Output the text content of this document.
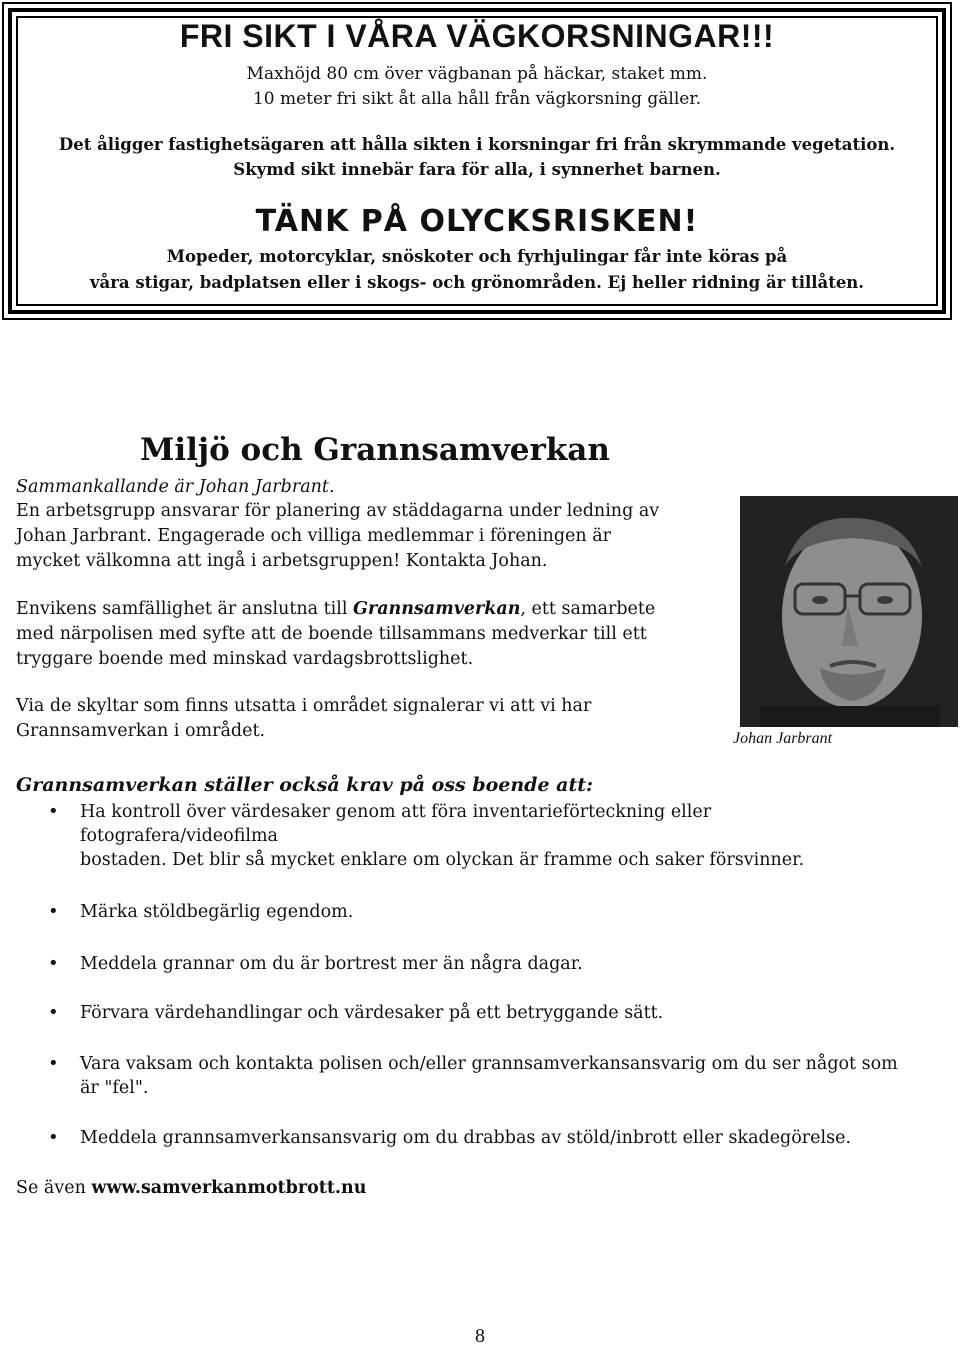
FRI SIKT I VÅRA VÄGKORSNINGAR!!!
Maxhöjd 80 cm över vägbanan på häckar, staket mm.
10 meter fri sikt åt alla håll från vägkorsning gäller.
Det åligger fastighetsägaren att hålla sikten i korsningar fri från skrymmande vegetation.
Skymd sikt innebär fara för alla, i synnerhet barnen.
TÄNK PÅ OLYCKSRISKEN!
Mopeder, motorcyklar, snöskoter och fyrhjulingar får inte köras på
våra stigar, badplatsen eller i skogs- och grönområden. Ej heller ridning är tillåten.
Miljö och Grannsamverkan
Sammankallande är Johan Jarbrant.
En arbetsgrupp ansvarar för planering av städdagarna under ledning av
Johan Jarbrant. Engagerade och villiga medlemmar i föreningen är
mycket välkomna att ingå i arbetsgruppen! Kontakta Johan.
Envikens samfällighet är anslutna till Grannsamverkan, ett samarbete
med närpolisen med syfte att de boende tillsammans medverkar till ett
tryggare boende med minskad vardagsbrottslighet.
Via de skyltar som finns utsatta i området signalerar vi att vi har
Grannsamverkan i området.	Johan Jarbrant
Grannsamverkan ställer också krav på oss boende att:
• Ha kontroll över värdesaker genom att föra inventarieförteckning eller
fotografera/videofilma
bostaden. Det blir så mycket enklare om olyckan är framme och saker försvinner.
• Märka stöldbegärlig egendom.
• Meddela grannar om du är bortrest mer än några dagar.
• Förvara värdehandlingar och värdesaker på ett betryggande sätt.
• Vara vaksam och kontakta polisen och/eller grannsamverkansansvarig om du ser något som
är "fel".
• Meddela grannsamverkansansvarig om du drabbas av stöld/inbrott eller skadegörelse.
Se även www.samverkanmotbrott.nu
8
